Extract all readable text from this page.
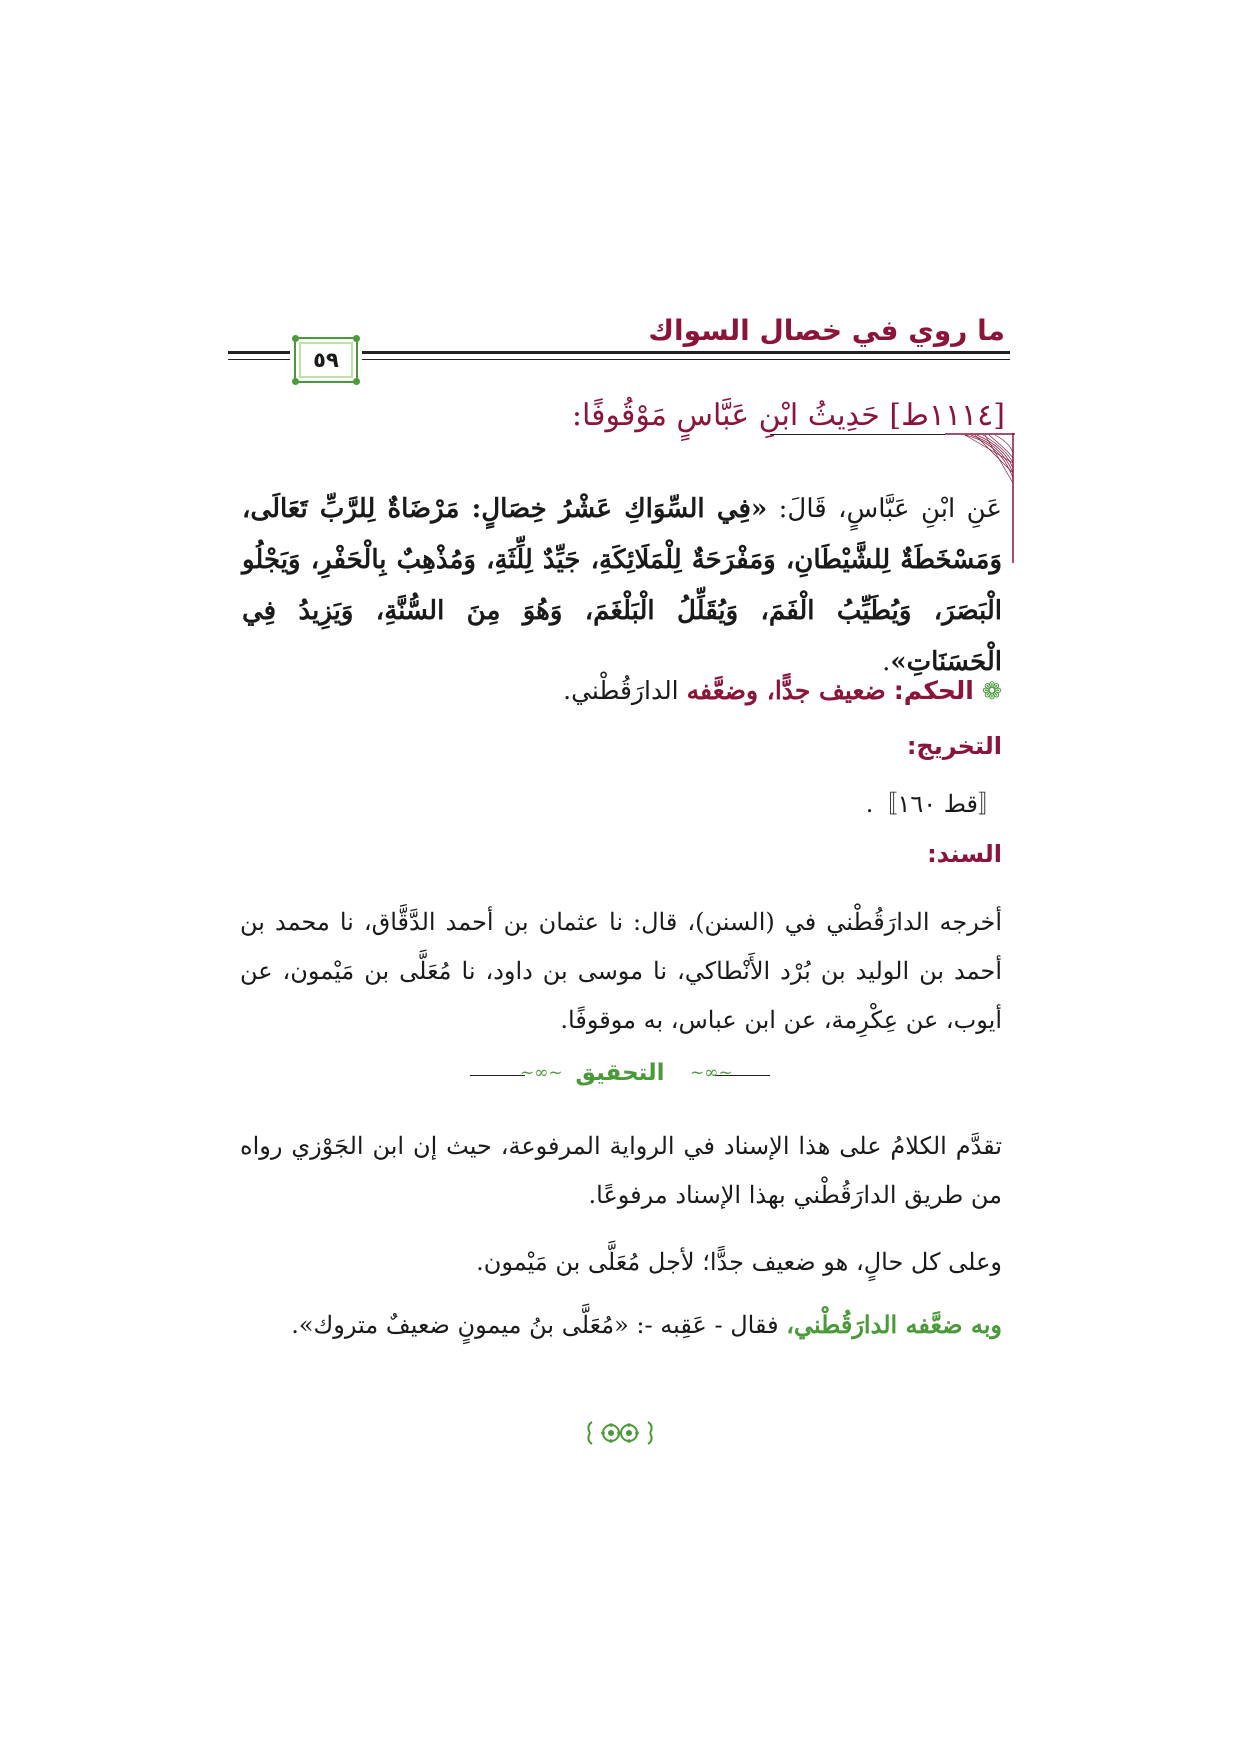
ما روي في خصال السواك
٥٩
[١١١٤ط] حَدِيثُ ابْنِ عَبَّاسٍ مَوْقُوفًا:
عَنِ ابْنِ عَبَّاسٍ، قَالَ: «فِي السِّوَاكِ عَشْرُ خِصَالٍ: مَرْضَاةٌ لِلرَّبِّ تَعَالَى، وَمَسْخَطَةٌ لِلشَّيْطَانِ، وَمَفْرَحَةٌ لِلْمَلَائِكَةِ، جَيِّدٌ لِلِّثَةِ، وَمُذْهِبٌ بِالْحَفْرِ، وَيَجْلُو الْبَصَرَ، وَيُطَيِّبُ الْفَمَ، وَيُقَلِّلُ الْبَلْغَمَ، وَهُوَ مِنَ السُّنَّةِ، وَيَزِيدُ فِي الْحَسَنَاتِ».
❁
الحكم:
ضعيف جدًّا، وضعَّفه
الدارَقُطْني.
التخريج:
〚قط ١٦٠〛.
السند:
أخرجه الدارَقُطْني في (السنن)، قال: نا عثمان بن أحمد الدَّقَّاق، نا محمد بن أحمد بن الوليد بن بُرْد الأَنْطاكي، نا موسى بن داود، نا مُعَلَّى بن مَيْمون، عن أيوب، عن عِكْرِمة، عن ابن عباس، به موقوفًا.
~∞~	~∞~
التحقيق
تقدَّم الكلامُ على هذا الإسناد في الرواية المرفوعة، حيث إن ابن الجَوْزي رواه من طريق الدارَقُطْني بهذا الإسناد مرفوعًا.
وعلى كل حالٍ، هو ضعيف جدًّا؛ لأجل مُعَلَّى بن مَيْمون.
وبه ضعَّفه الدارَقُطْني، فقال - عَقِبه -: «مُعَلَّى بنُ ميمونٍ ضعيفٌ متروك».
